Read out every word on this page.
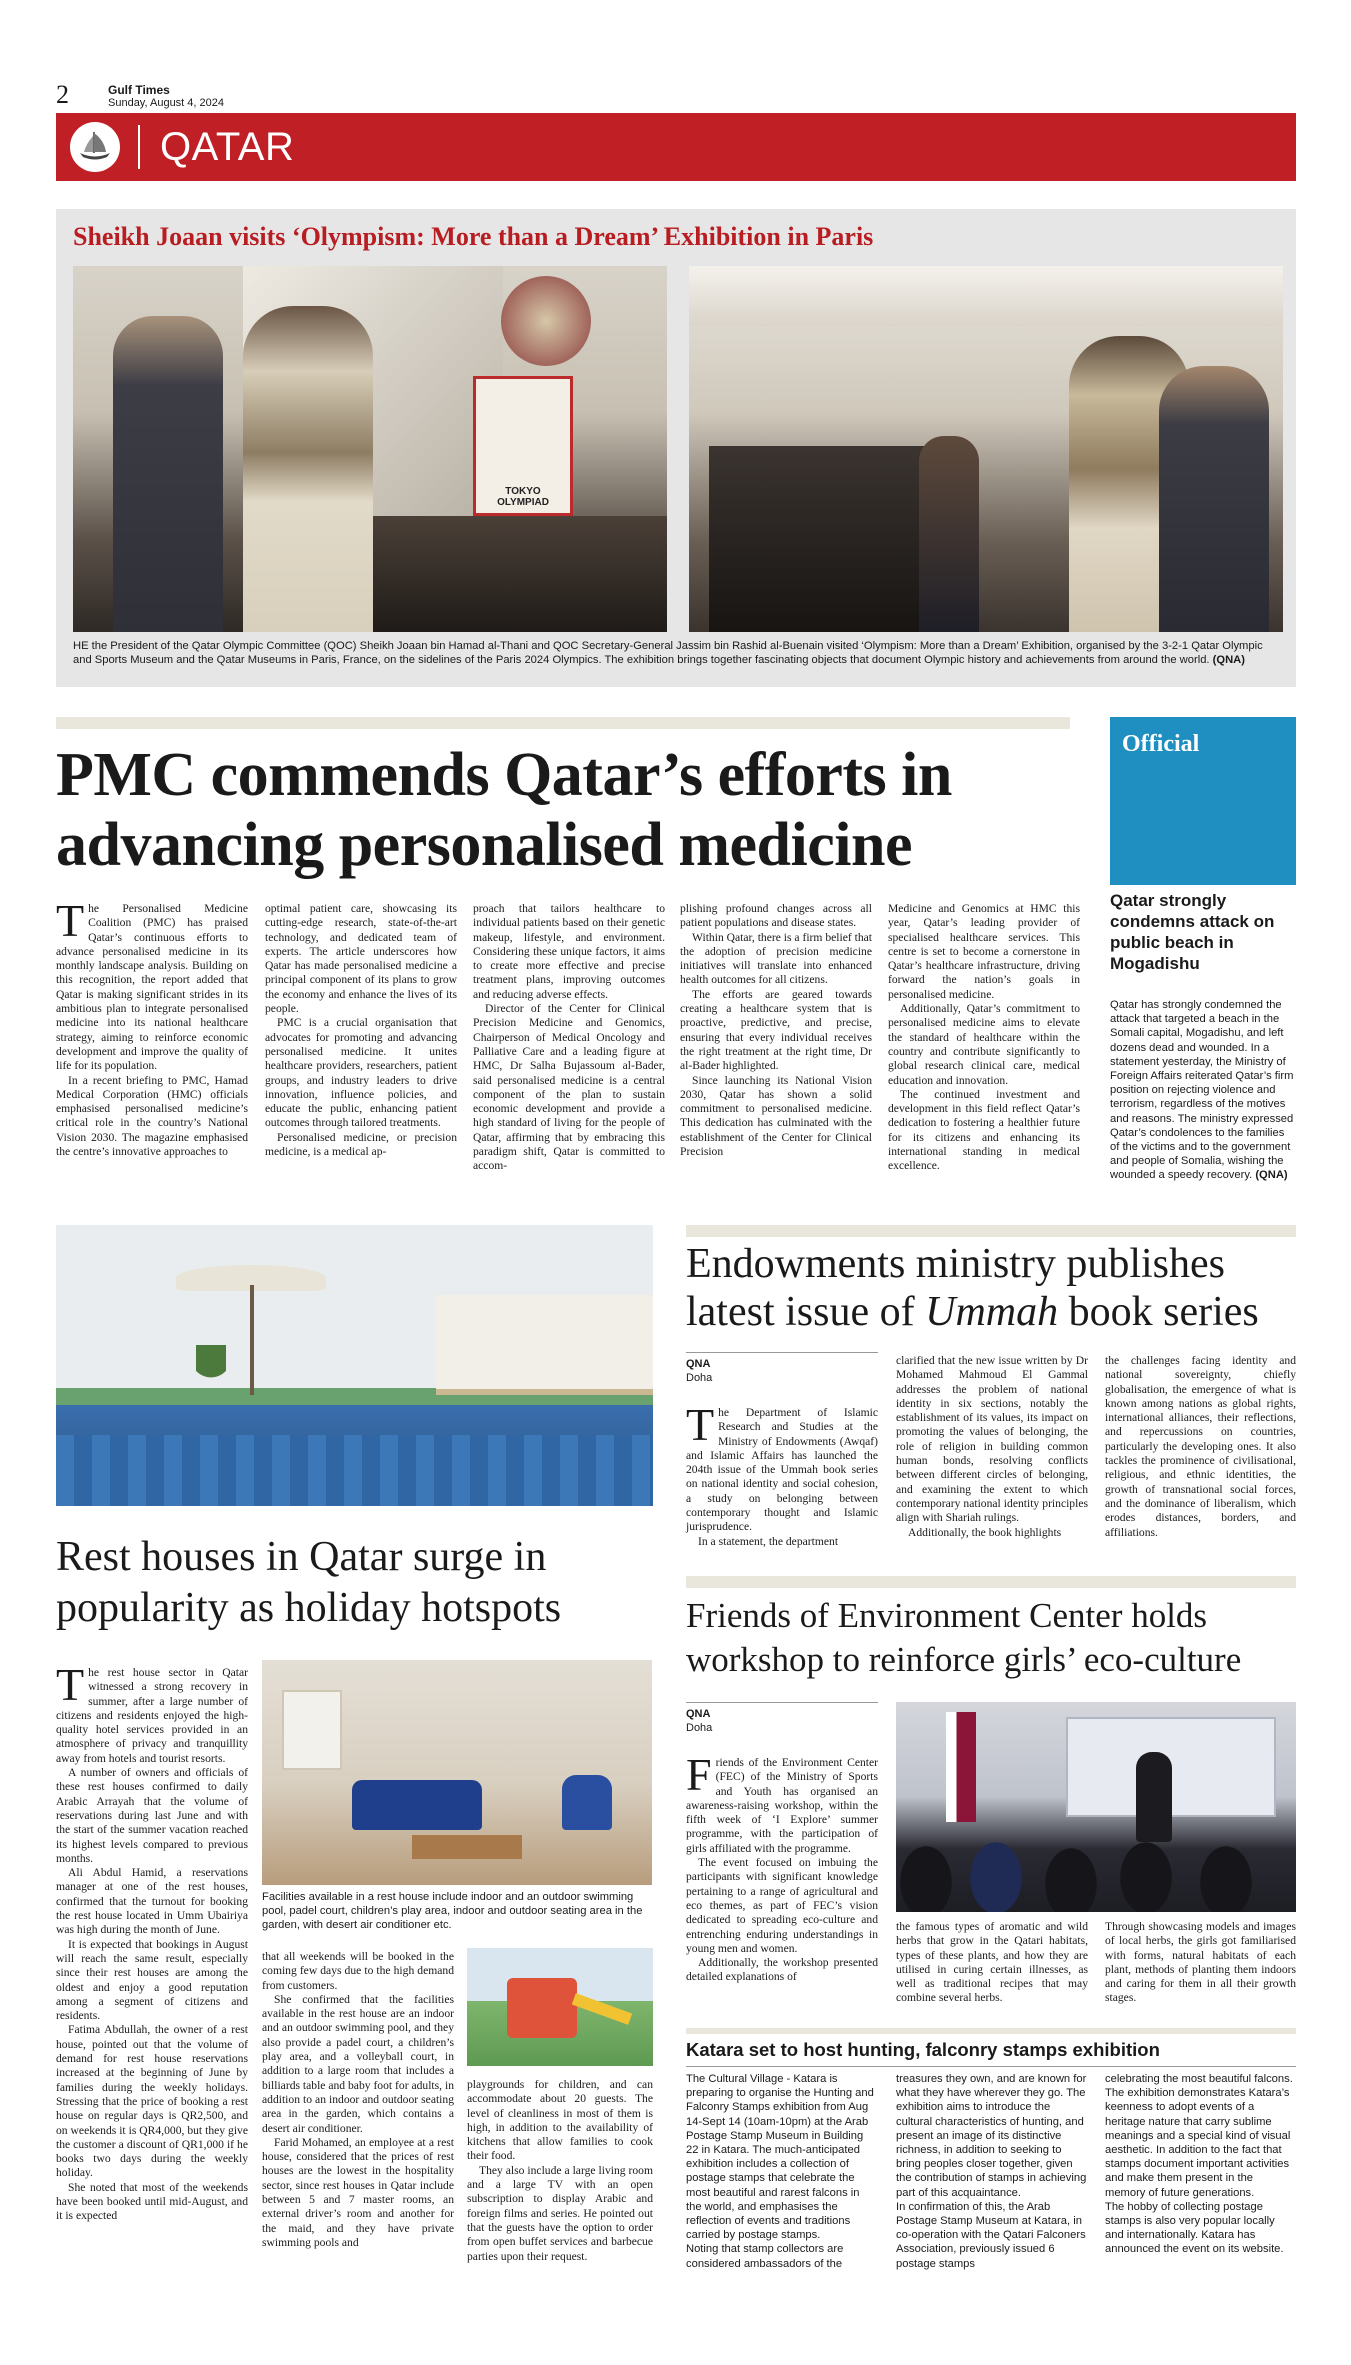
2	Gulf Times
Sunday, August 4, 2024
QATAR
Sheikh Joaan visits ‘Olympism: More than a Dream’ Exhibition in Paris
TOKYO OLYMPIAD
HE the President of the Qatar Olympic Committee (QOC) Sheikh Joaan bin Hamad al-Thani and QOC Secretary-General Jassim bin Rashid al-Buenain visited ‘Olympism: More than a Dream’ Exhibition, organised by the 3-2-1 Qatar Olympic and Sports Museum and the Qatar Museums in Paris, France, on the sidelines of the Paris 2024 Olympics. The exhibition brings together fascinating objects that document Olympic history and achievements from around the world. (QNA)
PMC commends Qatar’s efforts in advancing personalised medicine

The Personalised Medicine Coalition (PMC) has praised Qatar’s continuous efforts to advance personalised medicine in its monthly landscape analysis. Building on this recognition, the report added that Qatar is making significant strides in its ambitious plan to integrate personalised medicine into its national healthcare strategy, aiming to reinforce economic development and improve the quality of life for its population.

In a recent briefing to PMC, Hamad Medical Corporation (HMC) officials emphasised personalised medicine’s critical role in the country’s National Vision 2030. The magazine emphasised the centre’s innovative approaches to

optimal patient care, showcasing its cutting-edge research, state-of-the-art technology, and dedicated team of experts. The article underscores how Qatar has made personalised medicine a principal component of its plans to grow the economy and enhance the lives of its people.

PMC is a crucial organisation that advocates for promoting and advancing personalised medicine. It unites healthcare providers, researchers, patient groups, and industry leaders to drive innovation, influence policies, and educate the public, enhancing patient outcomes through tailored treatments.

Personalised medicine, or precision medicine, is a medical ap-

proach that tailors healthcare to individual patients based on their genetic makeup, lifestyle, and environment. Considering these unique factors, it aims to create more effective and precise treatment plans, improving outcomes and reducing adverse effects.

Director of the Center for Clinical Precision Medicine and Genomics, Chairperson of Medical Oncology and Palliative Care and a leading figure at HMC, Dr Salha Bujassoum al-Bader, said personalised medicine is a central component of the plan to sustain economic development and provide a high standard of living for the people of Qatar, affirming that by embracing this paradigm shift, Qatar is committed to accom-

plishing profound changes across all patient populations and disease states.

Within Qatar, there is a firm belief that the adoption of precision medicine initiatives will translate into enhanced health outcomes for all citizens.

The efforts are geared towards creating a healthcare system that is proactive, predictive, and precise, ensuring that every individual receives the right treatment at the right time, Dr al-Bader highlighted.

Since launching its National Vision 2030, Qatar has shown a solid commitment to personalised medicine. This dedication has culminated with the establishment of the Center for Clinical Precision

Medicine and Genomics at HMC this year, Qatar’s leading provider of specialised healthcare services. This centre is set to become a cornerstone in Qatar’s healthcare infrastructure, driving forward the nation’s goals in personalised medicine.

Additionally, Qatar’s commitment to personalised medicine aims to elevate the standard of healthcare within the country and contribute significantly to global research clinical care, medical education and innovation.

The continued investment and development in this field reflect Qatar’s dedication to fostering a healthier future for its citizens and enhancing its international standing in medical excellence.

Official
Qatar strongly condemns attack on public beach in Mogadishu
Qatar has strongly condemned the attack that targeted a beach in the Somali capital, Mogadishu, and left dozens dead and wounded. In a statement yesterday, the Ministry of Foreign Affairs reiterated Qatar’s firm position on rejecting violence and terrorism, regardless of the motives and reasons. The ministry expressed Qatar’s condolences to the families of the victims and to the government and people of Somalia, wishing the wounded a speedy recovery. (QNA)
Rest houses in Qatar surge in popularity as holiday hotspots

The rest house sector in Qatar witnessed a strong recovery in summer, after a large number of citizens and residents enjoyed the high-quality hotel services provided in an atmosphere of privacy and tranquillity away from hotels and tourist resorts.

A number of owners and officials of these rest houses confirmed to daily Arabic Arrayah that the volume of reservations during last June and with the start of the summer vacation reached its highest levels compared to previous months.

Ali Abdul Hamid, a reservations manager at one of the rest houses, confirmed that the turnout for booking the rest house located in Umm Ubairiya was high during the month of June.

It is expected that bookings in August will reach the same result, especially since their rest houses are among the oldest and enjoy a good reputation among a segment of citizens and residents.

Fatima Abdullah, the owner of a rest house, pointed out that the volume of demand for rest house reservations increased at the beginning of June by families during the weekly holidays. Stressing that the price of booking a rest house on regular days is QR2,500, and on weekends it is QR4,000, but they give the customer a discount of QR1,000 if he books two days during the weekly holiday.

She noted that most of the weekends have been booked until mid-August, and it is expected

Facilities available in a rest house include indoor and an outdoor swimming pool, padel court, children’s play area, indoor and outdoor seating area in the garden, with desert air conditioner etc.

that all weekends will be booked in the coming few days due to the high demand from customers.

She confirmed that the facilities available in the rest house are an indoor and an outdoor swimming pool, and they also provide a padel court, a children’s play area, and a volleyball court, in addition to a large room that includes a billiards table and baby foot for adults, in addition to an indoor and outdoor seating area in the garden, which contains a desert air conditioner.

Farid Mohamed, an employee at a rest house, considered that the prices of rest houses are the lowest in the hospitality sector, since rest houses in Qatar include between 5 and 7 master rooms, an external driver’s room and another for the maid, and they have private swimming pools and

playgrounds for children, and can accommodate about 20 guests. The level of cleanliness in most of them is high, in addition to the availability of kitchens that allow families to cook their food.

They also include a large living room and a large TV with an open subscription to display Arabic and foreign films and series. He pointed out that the guests have the option to order from open buffet services and barbecue parties upon their request.

Endowments ministry publishes latest issue of Ummah book series
QNA
Doha

The Department of Islamic Research and Studies at the Ministry of Endowments (Awqaf) and Islamic Affairs has launched the 204th issue of the Ummah book series on national identity and social cohesion, a study on belonging between contemporary thought and Islamic jurisprudence.

In a statement, the department

clarified that the new issue written by Dr Mohamed Mahmoud El Gammal addresses the problem of national identity in six sections, notably the establishment of its values, its impact on promoting the values of belonging, the role of religion in building common human bonds, resolving conflicts between different circles of belonging, and examining the extent to which contemporary national identity principles align with Shariah rulings.

Additionally, the book highlights

the challenges facing identity and national sovereignty, chiefly globalisation, the emergence of what is known among nations as global rights, international alliances, their reflections, and repercussions on countries, particularly the developing ones. It also tackles the prominence of civilisational, religious, and ethnic identities, the growth of transnational social forces, and the dominance of liberalism, which erodes distances, borders, and affiliations.

Friends of Environment Center holds workshop to reinforce girls’ eco-culture
QNA
Doha

Friends of the Environment Center (FEC) of the Ministry of Sports and Youth has organised an awareness-raising workshop, within the fifth week of ‘I Explore’ summer programme, with the participation of girls affiliated with the programme.

The event focused on imbuing the participants with significant knowledge pertaining to a range of agricultural and eco themes, as part of FEC’s vision dedicated to spreading eco-culture and entrenching enduring understandings in young men and women.

Additionally, the workshop presented detailed explanations of

the famous types of aromatic and wild herbs that grow in the Qatari habitats, types of these plants, and how they are utilised in curing certain illnesses, as well as traditional recipes that may combine several herbs.

Through showcasing models and images of local herbs, the girls got familiarised with forms, natural habitats of each plant, methods of planting them indoors and caring for them in all their growth stages.

Katara set to host hunting, falconry stamps exhibition

The Cultural Village - Katara is preparing to organise the Hunting and Falconry Stamps exhibition from Aug 14-Sept 14 (10am-10pm) at the Arab Postage Stamp Museum in Building 22 in Katara. The much-anticipated exhibition includes a collection of postage stamps that celebrate the most beautiful and rarest falcons in the world, and emphasises the reflection of events and traditions carried by postage stamps.

Noting that stamp collectors are considered ambassadors of the

treasures they own, and are known for what they have wherever they go. The exhibition aims to introduce the cultural characteristics of hunting, and present an image of its distinctive richness, in addition to seeking to bring peoples closer together, given the contribution of stamps in achieving part of this acquaintance.

In confirmation of this, the Arab Postage Stamp Museum at Katara, in co-operation with the Qatari Falconers Association, previously issued 6 postage stamps

celebrating the most beautiful falcons.

The exhibition demonstrates Katara’s keenness to adopt events of a heritage nature that carry sublime meanings and a special kind of visual aesthetic. In addition to the fact that stamps document important activities and make them present in the memory of future generations.

The hobby of collecting postage stamps is also very popular locally and internationally. Katara has announced the event on its website.
